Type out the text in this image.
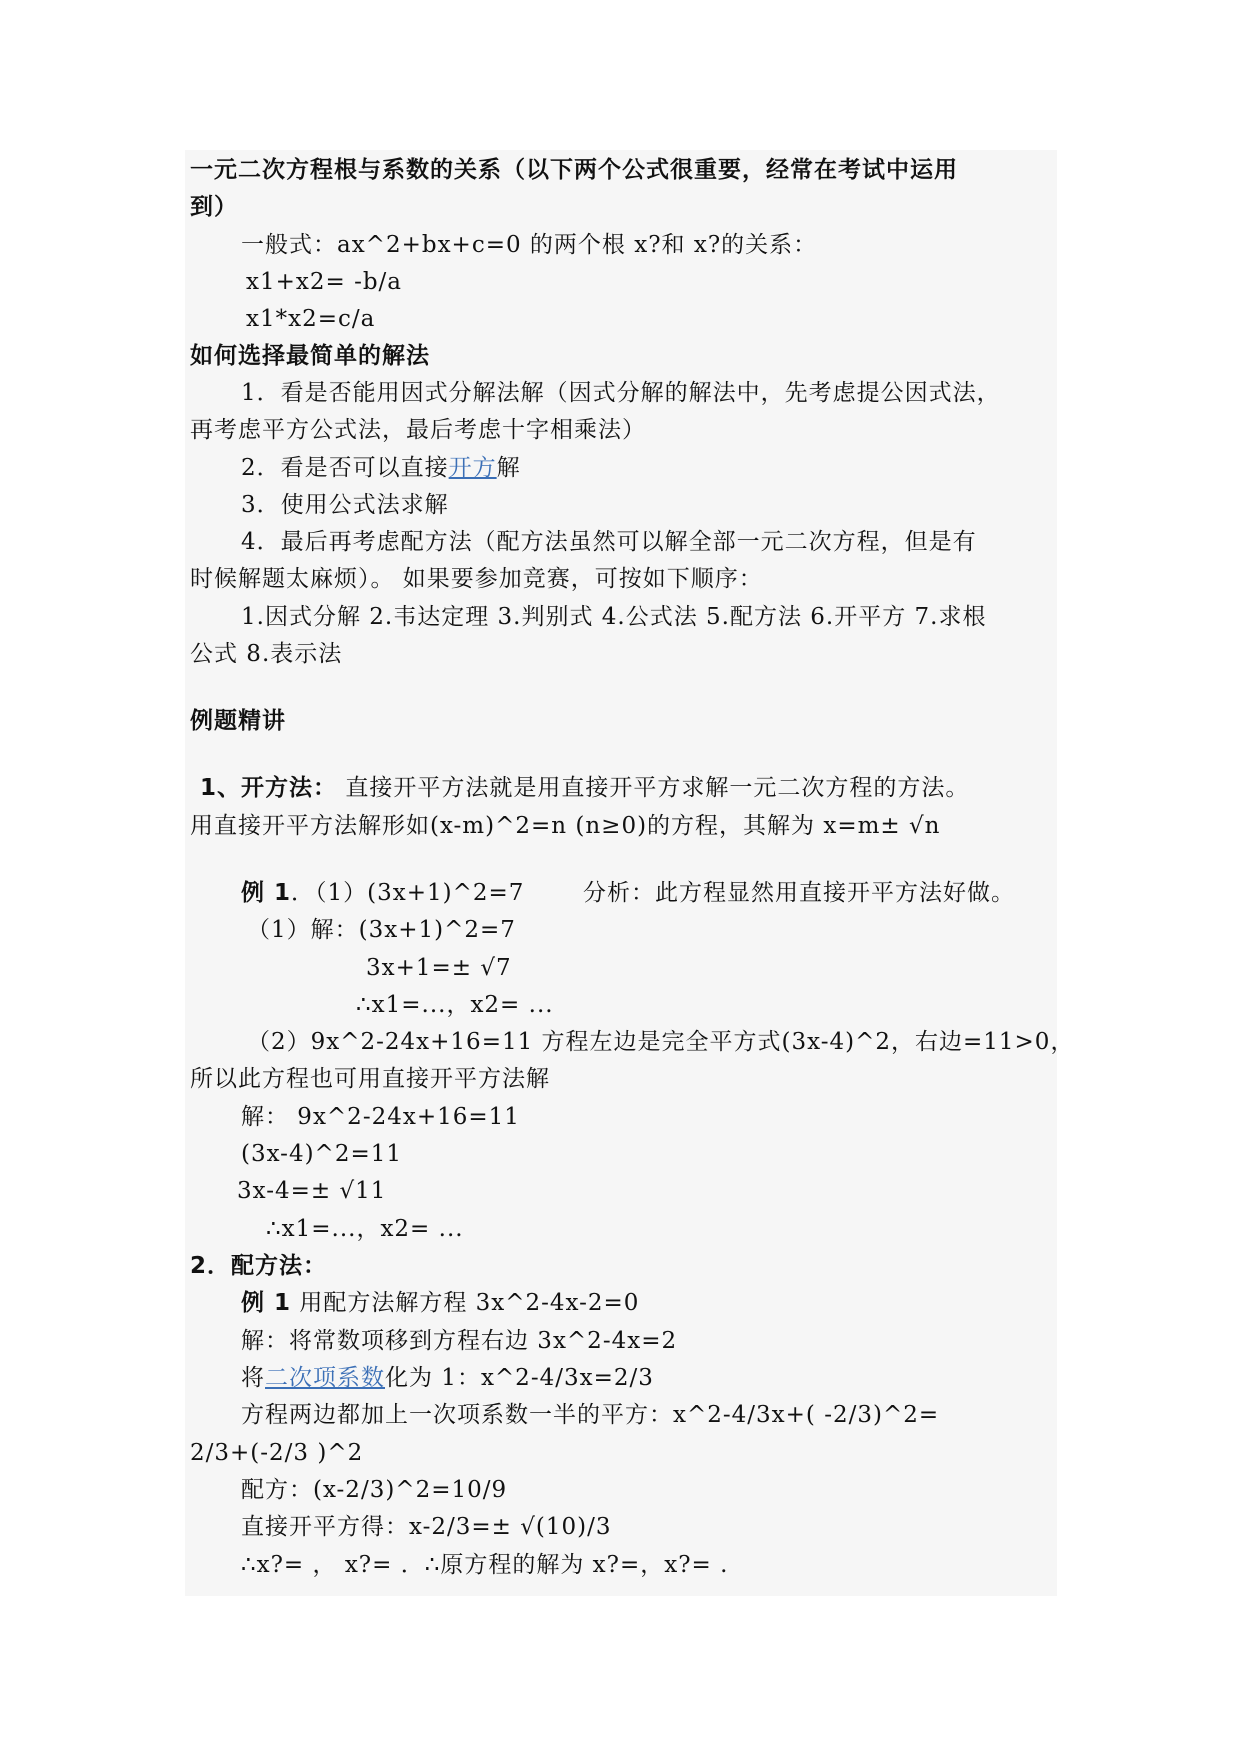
一元二次方程根与系数的关系（以下两个公式很重要，经常在考试中运用
到）
一般式：ax^2+bx+c=0 的两个根 x?和 x?的关系：
x1+x2= -b/a
x1*x2=c/a
如何选择最简单的解法
1．看是否能用因式分解法解（因式分解的解法中，先考虑提公因式法，
再考虑平方公式法，最后考虑十字相乘法）
2．看是否可以直接开方解
3．使用公式法求解
4．最后再考虑配方法（配方法虽然可以解全部一元二次方程，但是有
时候解题太麻烦）。 如果要参加竞赛，可按如下顺序：
1.因式分解 2.韦达定理 3.判别式 4.公式法 5.配方法 6.开平方 7.求根
公式 8.表示法
例题精讲
1、开方法： 直接开平方法就是用直接开平方求解一元二次方程的方法。
用直接开平方法解形如(x-m)^2=n (n≥0)的方程，其解为 x=m± √n
例 1．（1）(3x+1)^2=7	分析：此方程显然用直接开平方法好做。
（1）解：(3x+1)^2=7
3x+1=± √7
∴x1=...，x2= ...
（2）9x^2-24x+16=11 方程左边是完全平方式(3x-4)^2，右边=11>0，
所以此方程也可用直接开平方法解
解： 9x^2-24x+16=11
(3x-4)^2=11
3x-4=± √11
∴x1=...，x2= ...
2．配方法：
例 1 用配方法解方程 3x^2-4x-2=0
解：将常数项移到方程右边 3x^2-4x=2
将二次项系数化为 1：x^2-4/3x=2/3
方程两边都加上一次项系数一半的平方：x^2-4/3x+( -2/3)^2=
2/3+(-2/3 )^2
配方：(x-2/3)^2=10/9
直接开平方得：x-2/3=± √(10)/3
∴x?= ， x?= ．∴原方程的解为 x?=，x?= .
